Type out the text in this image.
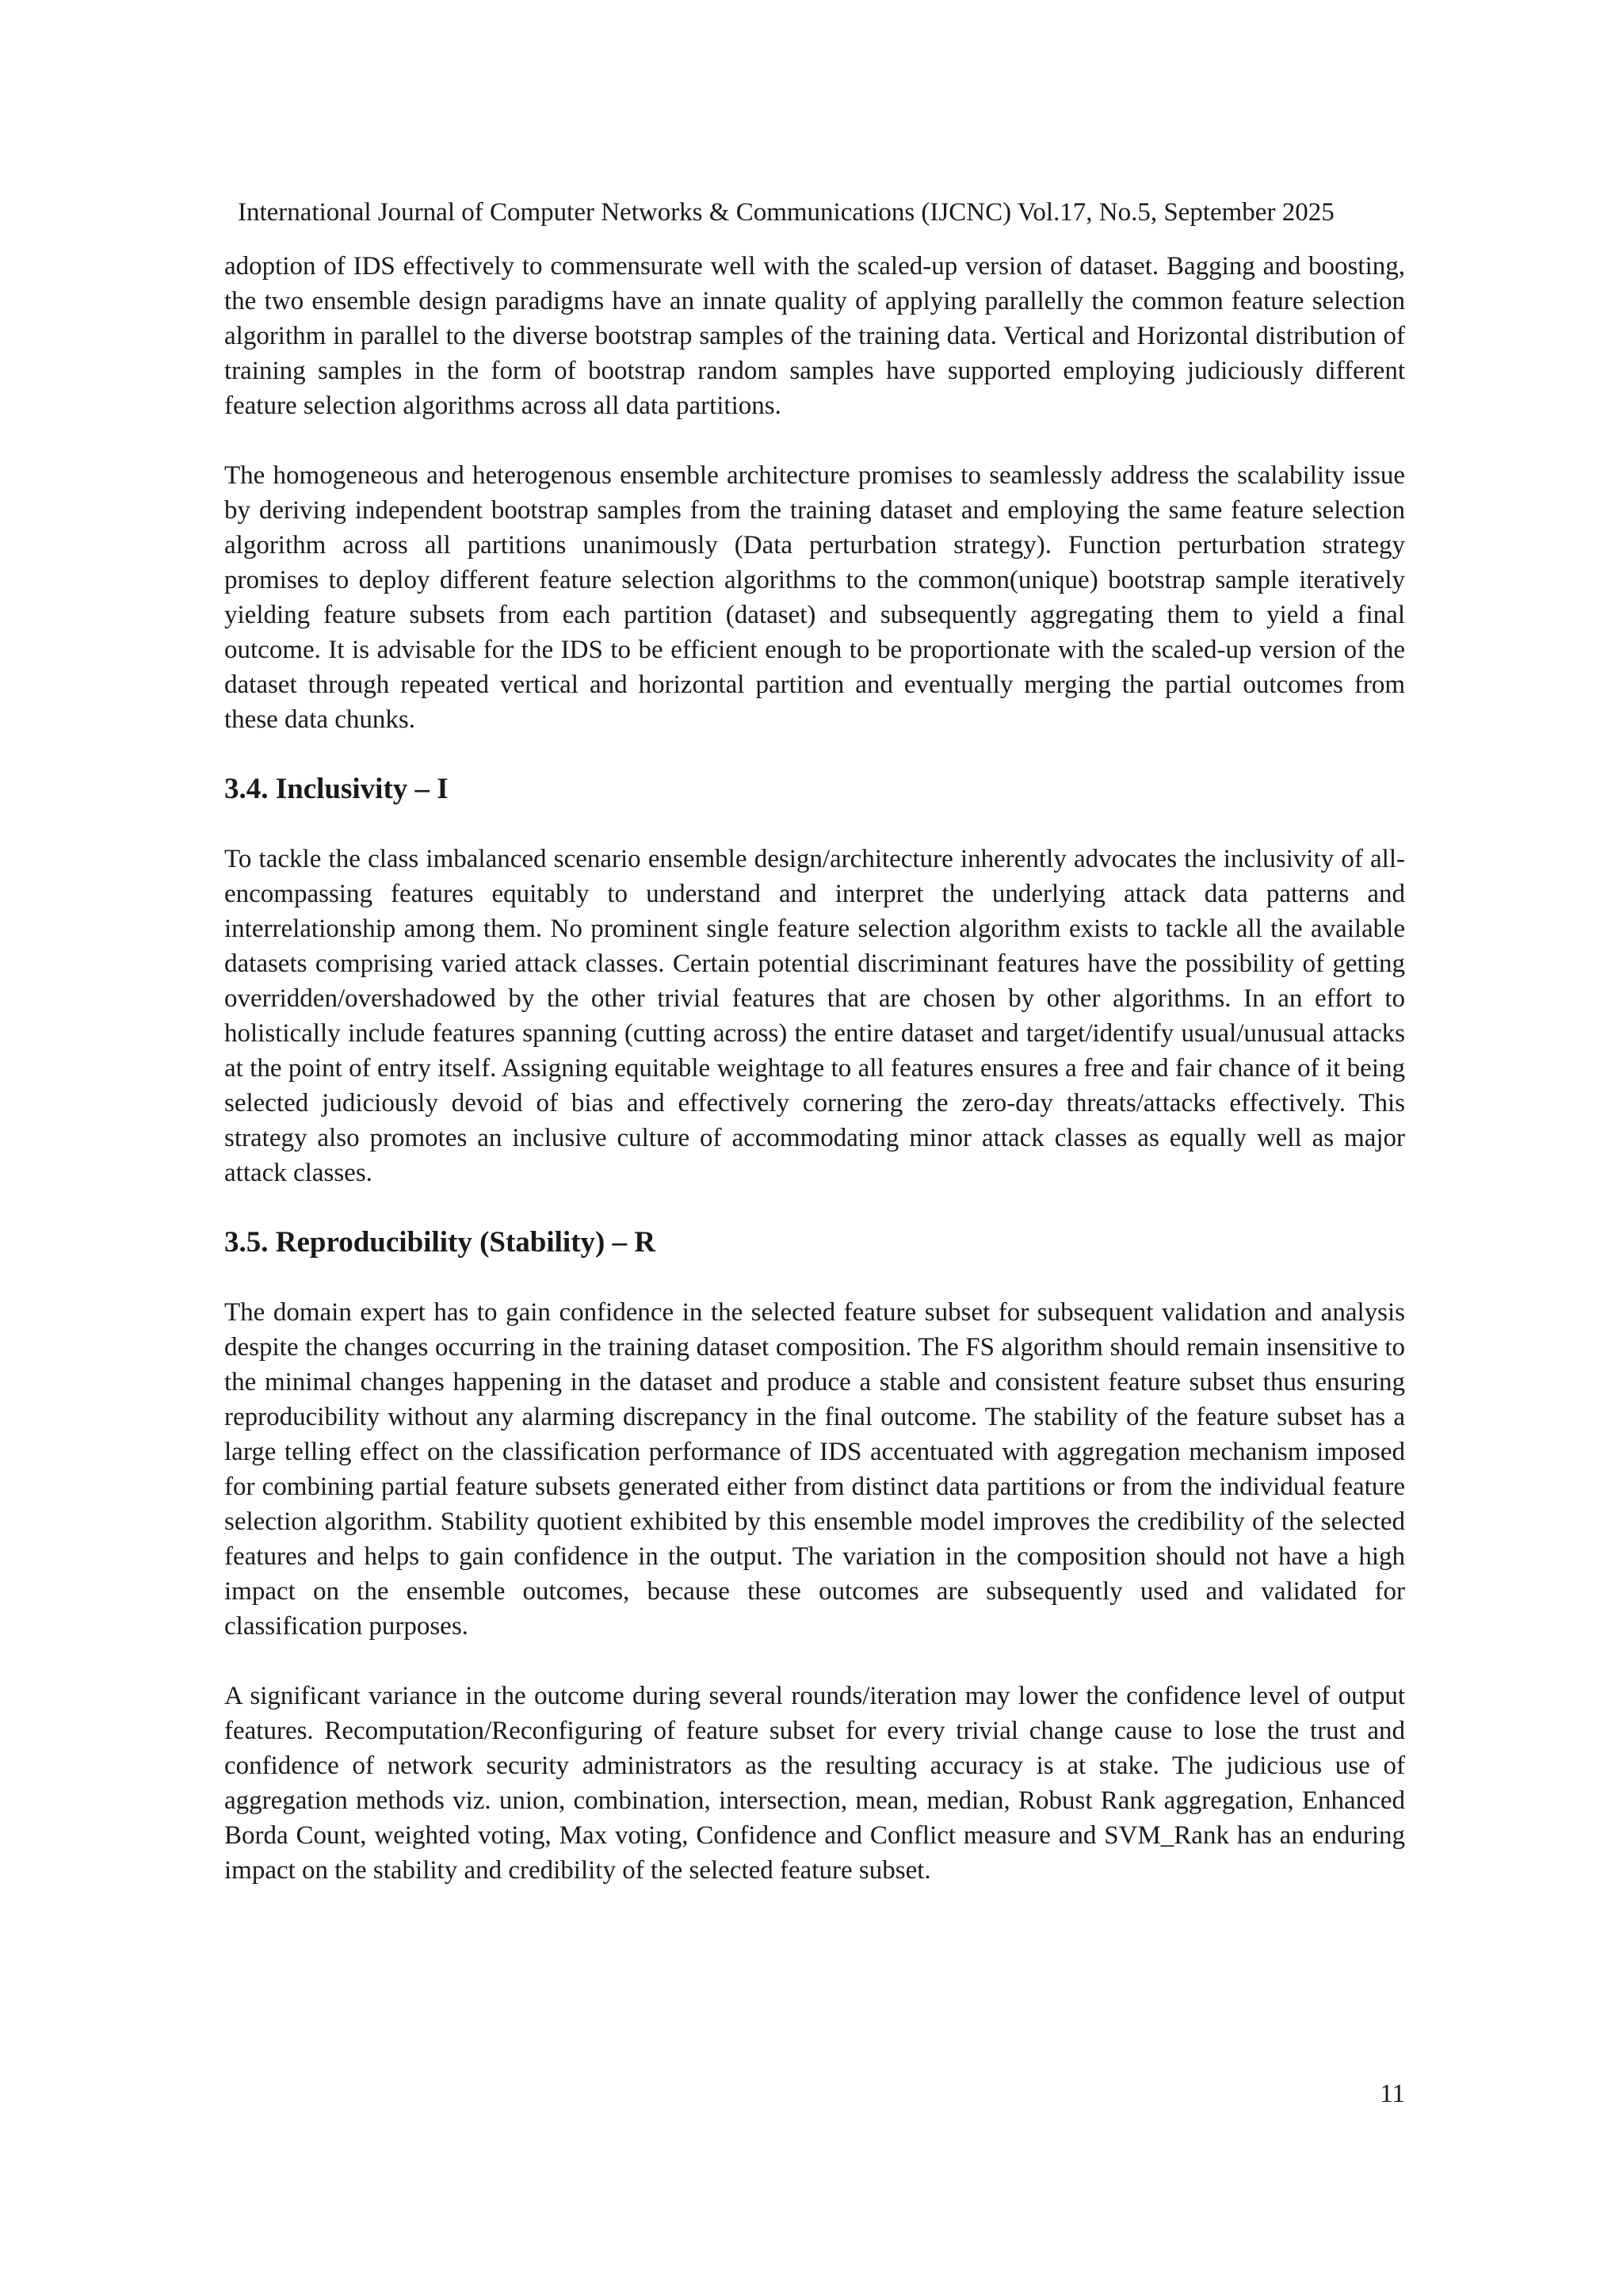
International Journal of Computer Networks & Communications (IJCNC) Vol.17, No.5, September 2025

adoption of IDS effectively to commensurate well with the scaled-up version of dataset. Bagging and boosting, the two ensemble design paradigms have an innate quality of applying parallelly the common feature selection algorithm in parallel to the diverse bootstrap samples of the training data. Vertical and Horizontal distribution of training samples in the form of bootstrap random samples have supported employing judiciously different feature selection algorithms across all data partitions.

The homogeneous and heterogenous ensemble architecture promises to seamlessly address the scalability issue by deriving independent bootstrap samples from the training dataset and employing the same feature selection algorithm across all partitions unanimously (Data perturbation strategy). Function perturbation strategy promises to deploy different feature selection algorithms to the common(unique) bootstrap sample iteratively yielding feature subsets from each partition (dataset) and subsequently aggregating them to yield a final outcome. It is advisable for the IDS to be efficient enough to be proportionate with the scaled-up version of the dataset through repeated vertical and horizontal partition and eventually merging the partial outcomes from these data chunks.

3.4. Inclusivity – I

To tackle the class imbalanced scenario ensemble design/architecture inherently advocates the inclusivity of all-encompassing features equitably to understand and interpret the underlying attack data patterns and interrelationship among them. No prominent single feature selection algorithm exists to tackle all the available datasets comprising varied attack classes. Certain potential discriminant features have the possibility of getting overridden/overshadowed by the other trivial features that are chosen by other algorithms. In an effort to holistically include features spanning (cutting across) the entire dataset and target/identify usual/unusual attacks at the point of entry itself. Assigning equitable weightage to all features ensures a free and fair chance of it being selected judiciously devoid of bias and effectively cornering the zero-day threats/attacks effectively. This strategy also promotes an inclusive culture of accommodating minor attack classes as equally well as major attack classes.

3.5. Reproducibility (Stability) – R

The domain expert has to gain confidence in the selected feature subset for subsequent validation and analysis despite the changes occurring in the training dataset composition. The FS algorithm should remain insensitive to the minimal changes happening in the dataset and produce a stable and consistent feature subset thus ensuring reproducibility without any alarming discrepancy in the final outcome. The stability of the feature subset has a large telling effect on the classification performance of IDS accentuated with aggregation mechanism imposed for combining partial feature subsets generated either from distinct data partitions or from the individual feature selection algorithm. Stability quotient exhibited by this ensemble model improves the credibility of the selected features and helps to gain confidence in the output. The variation in the composition should not have a high impact on the ensemble outcomes, because these outcomes are subsequently used and validated for classification purposes.

A significant variance in the outcome during several rounds/iteration may lower the confidence level of output features. Recomputation/Reconfiguring of feature subset for every trivial change cause to lose the trust and confidence of network security administrators as the resulting accuracy is at stake. The judicious use of aggregation methods viz. union, combination, intersection, mean, median, Robust Rank aggregation, Enhanced Borda Count, weighted voting, Max voting, Confidence and Conflict measure and SVM_Rank has an enduring impact on the stability and credibility of the selected feature subset.

11
